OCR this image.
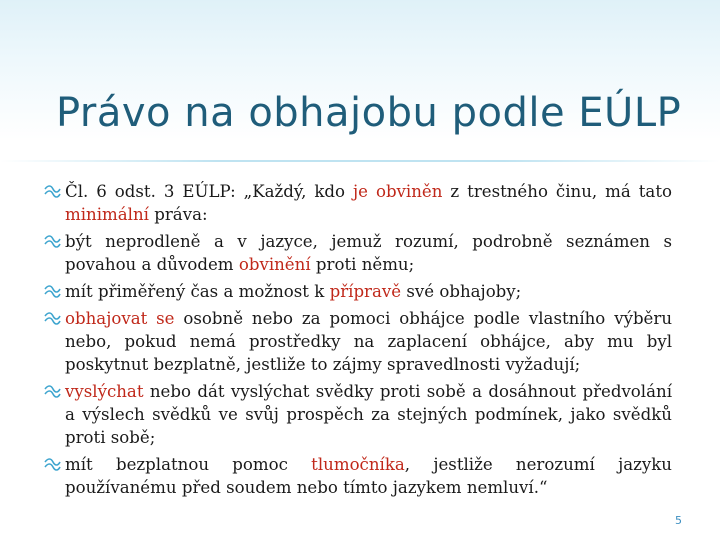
Právo na obhajobu podle EÚLP
Čl. 6 odst. 3 EÚLP: „Každý, kdo je obviněn z trestného činu, má tato minimální práva:
být neprodleně a v jazyce, jemuž rozumí, podrobně seznámen s povahou a důvodem obvinění proti němu;
mít přiměřený čas a možnost k přípravě své obhajoby;
obhajovat se osobně nebo za pomoci obhájce podle vlastního výběru nebo, pokud nemá prostředky na zaplacení obhájce, aby mu byl poskytnut bezplatně, jestliže to zájmy spravedlnosti vyžadují;
vyslýchat nebo dát vyslýchat svědky proti sobě a dosáhnout předvolání a výslech svědků ve svůj prospěch za stejných podmínek, jako svědků proti sobě;
mít bezplatnou pomoc tlumočníka, jestliže nerozumí jazyku používanému před soudem nebo tímto jazykem nemluví.“
5
